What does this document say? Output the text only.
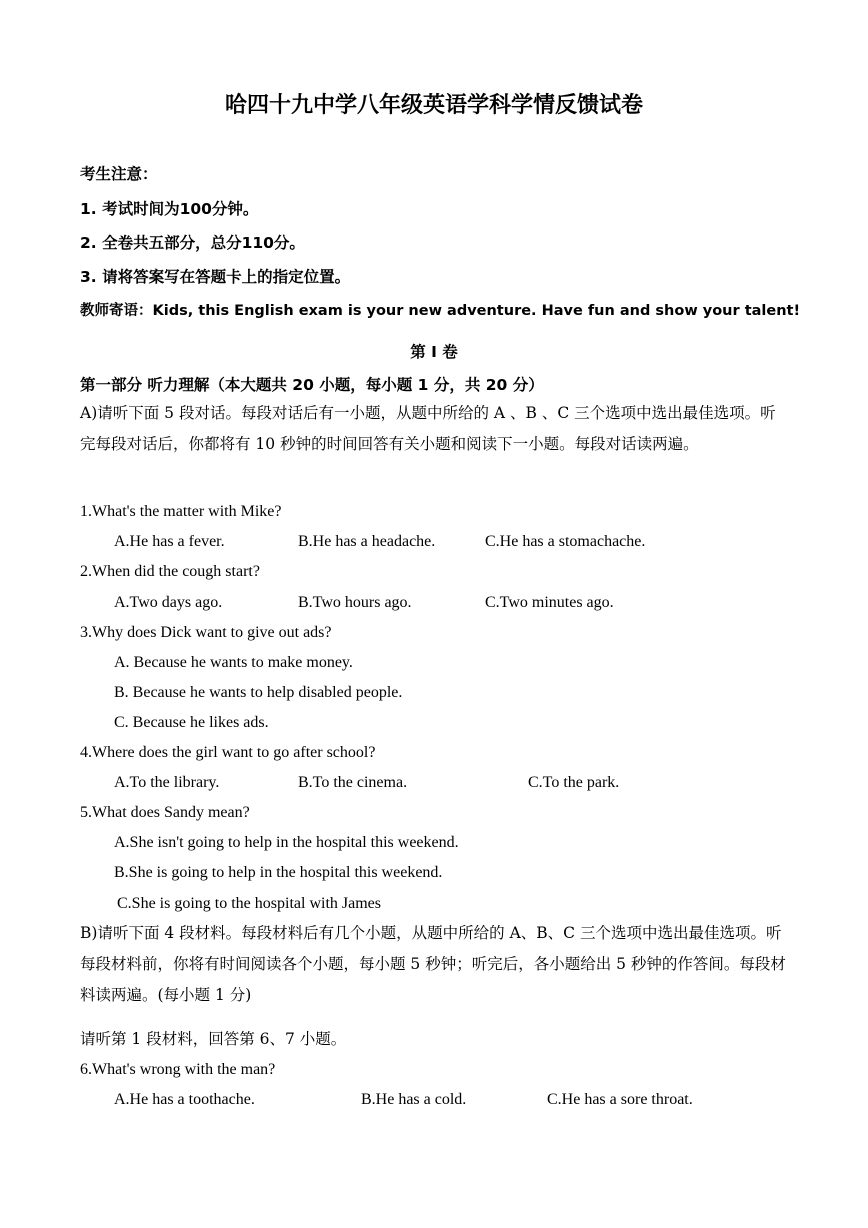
哈四十九中学八年级英语学科学情反馈试卷
考生注意：
1. 考试时间为100分钟。
2. 全卷共五部分，总分110分。
3. 请将答案写在答题卡上的指定位置。
教师寄语：Kids, this English exam is your new adventure. Have fun and show your talent!
第 I 卷
第一部分 听力理解（本大题共 20 小题，每小题 1 分，共 20 分）
A)请听下面 5 段对话。每段对话后有一小题，从题中所给的 A 、B 、C 三个选项中选出最佳选项。听完每段对话后，你都将有 10 秒钟的时间回答有关小题和阅读下一小题。每段对话读两遍。
1.What's the matter with Mike?
A.He has a fever.	B.He has a headache.	C.He has a stomachache.
2.When did the cough start?
A.Two days ago.	B.Two hours ago.	C.Two minutes ago.
3.Why does Dick want to give out ads?
A. Because he wants to make money.
B. Because he wants to help disabled people.
C. Because he likes ads.
4.Where does the girl want to go after school?
A.To the library.	B.To the cinema.	C.To the park.
5.What does Sandy mean?
A.She isn't going to help in the hospital this weekend.
B.She is going to help in the hospital this weekend.
C.She is going to the hospital with James
B)请听下面 4 段材料。每段材料后有几个小题，从题中所给的 A、B、C 三个选项中选出最佳选项。听每段材料前，你将有时间阅读各个小题，每小题 5 秒钟；听完后，各小题给出 5 秒钟的作答间。每段材料读两遍。(每小题 1 分)
请听第 1 段材料，回答第 6、7 小题。
6.What's wrong with the man?
A.He has a toothache.	B.He has a cold.	C.He has a sore throat.
